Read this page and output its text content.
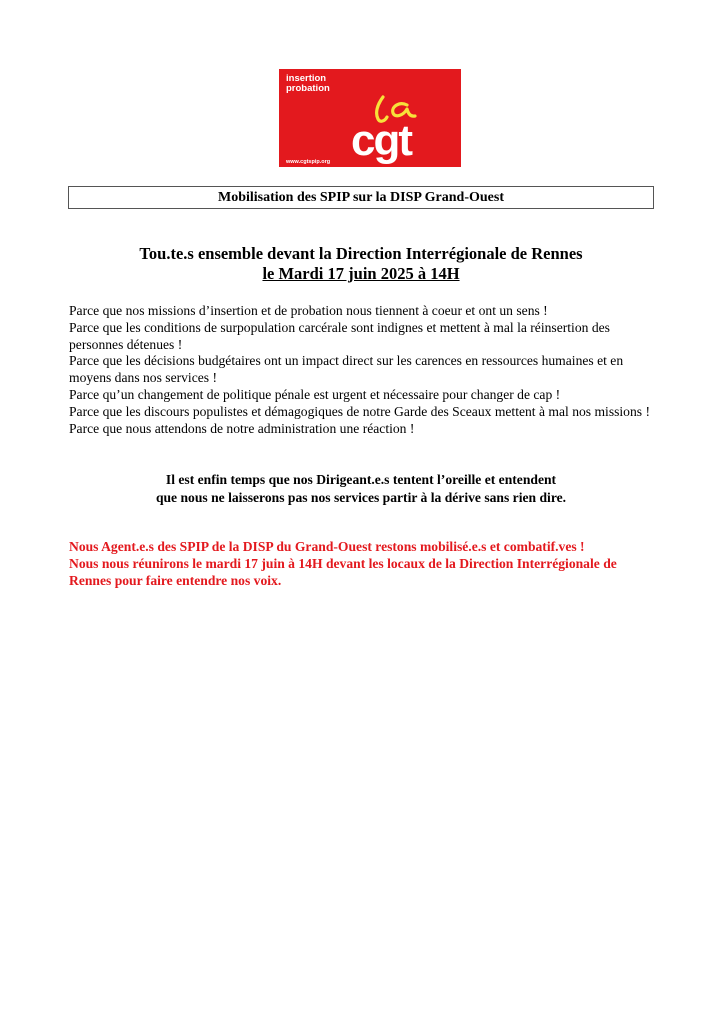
insertion
probation
cgt
www.cgtspip.org
Mobilisation des SPIP sur la DISP Grand-Ouest
Tou.te.s ensemble devant la Direction Interrégionale de Rennes
le Mardi 17 juin 2025 à 14H

Parce que nos missions d’insertion et de probation nous tiennent à coeur et ont un sens !

Parce que les conditions de surpopulation carcérale sont indignes et mettent à mal la réinsertion des personnes détenues !

Parce que les décisions budgétaires ont un impact direct sur les carences en ressources humaines et en moyens dans nos services !

Parce qu’un changement de politique pénale est urgent et nécessaire pour changer de cap !

Parce que les discours populistes et démagogiques de notre Garde des Sceaux mettent à mal nos missions !

Parce que nous attendons de notre administration une réaction !

Il est enfin temps que nos Dirigeant.e.s tentent l’oreille et entendent
que nous ne laisserons pas nos services partir à la dérive sans rien dire.
Nous Agent.e.s des SPIP de la DISP du Grand-Ouest restons mobilisé.e.s et combatif.ves !
Nous nous réunirons le mardi 17 juin à 14H devant les locaux de la Direction Interrégionale de Rennes pour faire entendre nos voix.
